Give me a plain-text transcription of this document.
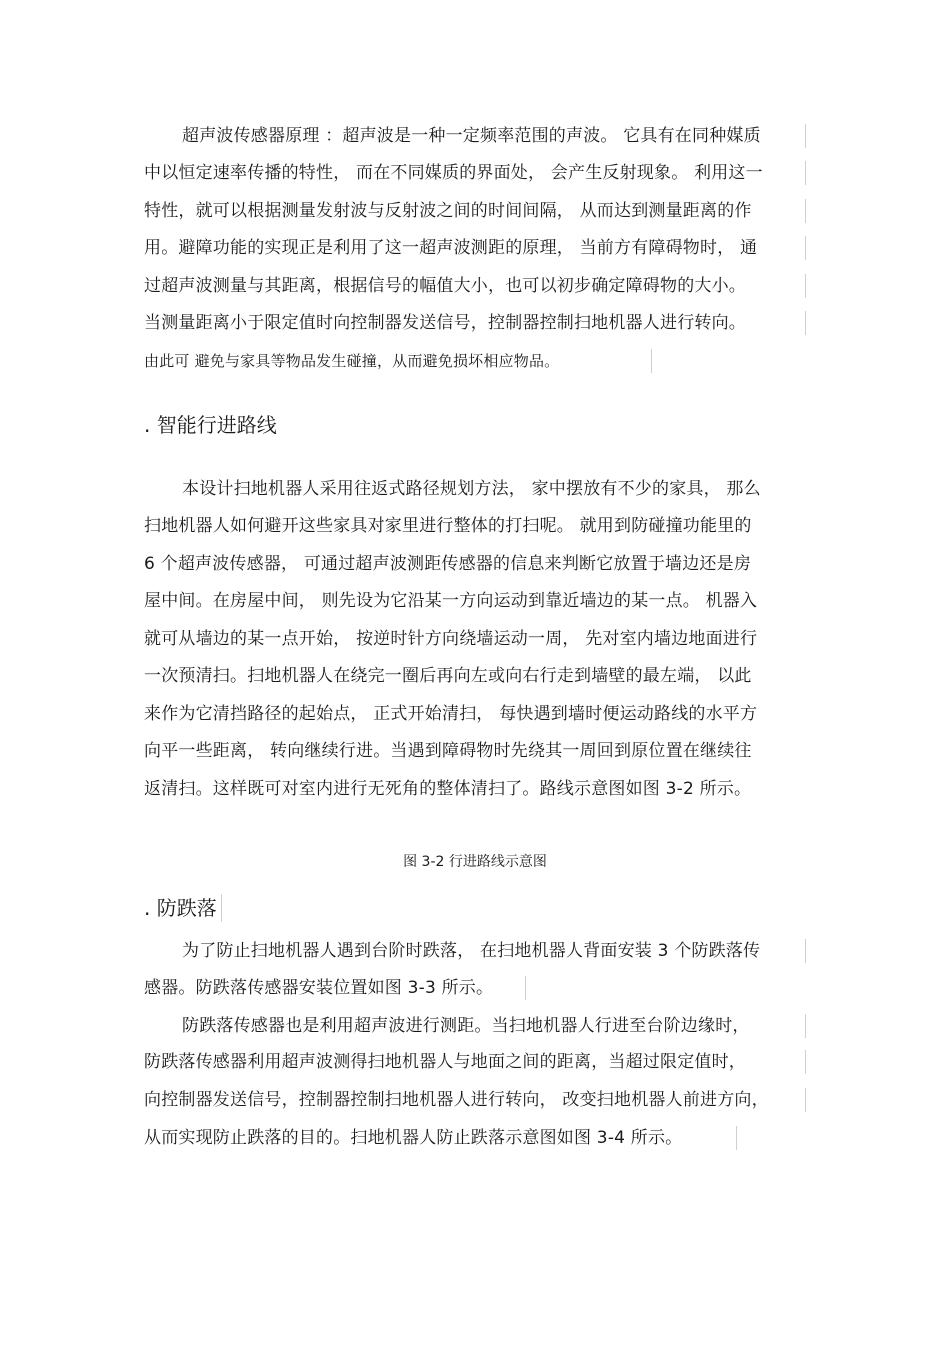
超声波传感器原理 ：超声波是一种一定频率范围的声波。 它具有在同种媒质
中以恒定速率传播的特性， 而在不同媒质的界面处， 会产生反射现象。 利用这一
特性，就可以根据测量发射波与反射波之间的时间间隔， 从而达到测量距离的作
用。避障功能的实现正是利用了这一超声波测距的原理， 当前方有障碍物时， 通
过超声波测量与其距离，根据信号的幅值大小，也可以初步确定障碍物的大小。
当测量距离小于限定值时向控制器发送信号，控制器控制扫地机器人进行转向。
由此可 避免与家具等物品发生碰撞，从而避免损坏相应物品。
. 智能行进路线
本设计扫地机器人采用往返式路径规划方法， 家中摆放有不少的家具， 那么
扫地机器人如何避开这些家具对家里进行整体的打扫呢。 就用到防碰撞功能里的
6 个超声波传感器， 可通过超声波测距传感器的信息来判断它放置于墙边还是房
屋中间。在房屋中间， 则先设为它沿某一方向运动到靠近墙边的某一点。 机器入
就可从墙边的某一点开始， 按逆时针方向绕墙运动一周， 先对室内墙边地面进行
一次预清扫。扫地机器人在绕完一圈后再向左或向右行走到墙壁的最左端， 以此
来作为它清挡路径的起始点， 正式开始清扫， 每快遇到墙时便运动路线的水平方
向平一些距离， 转向继续行进。当遇到障碍物时先绕其一周回到原位置在继续往
返清扫。这样既可对室内进行无死角的整体清扫了。路线示意图如图 3-2 所示。
图 3-2 行进路线示意图
. 防跌落
为了防止扫地机器人遇到台阶时跌落， 在扫地机器人背面安装 3 个防跌落传
感器。防跌落传感器安装位置如图 3-3 所示。
防跌落传感器也是利用超声波进行测距。当扫地机器人行进至台阶边缘时，
防跌落传感器利用超声波测得扫地机器人与地面之间的距离，当超过限定值时，
向控制器发送信号，控制器控制扫地机器人进行转向， 改变扫地机器人前进方向，
从而实现防止跌落的目的。扫地机器人防止跌落示意图如图 3-4 所示。
